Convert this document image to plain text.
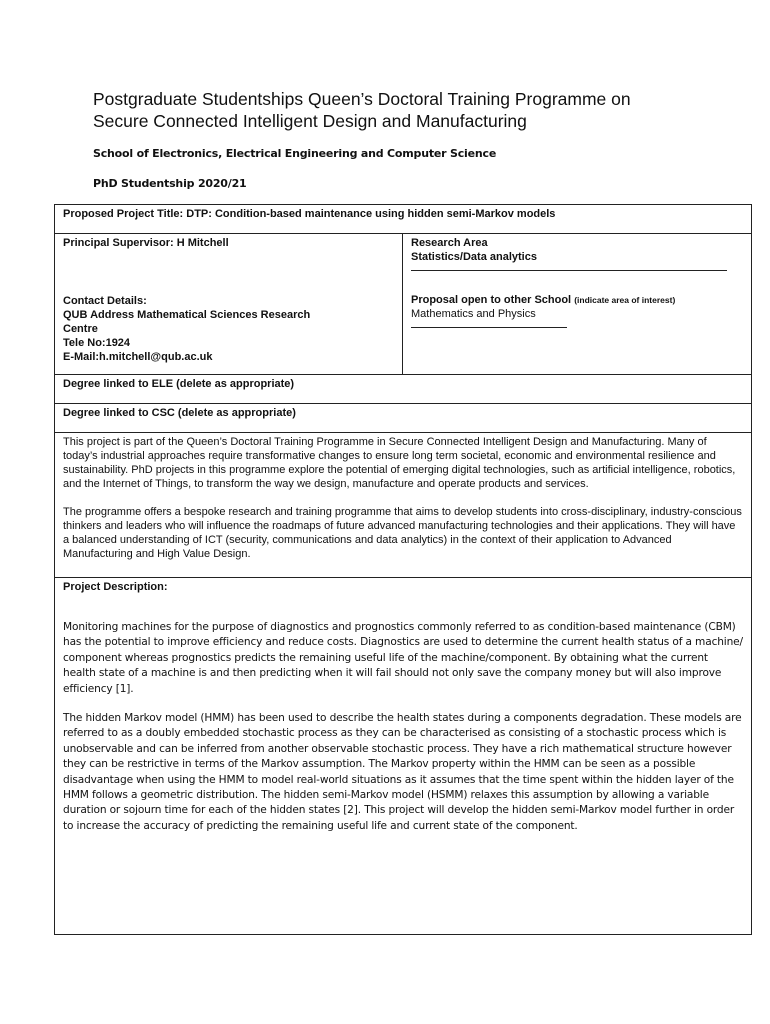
Postgraduate Studentships Queen’s Doctoral Training Programme on
Secure Connected Intelligent Design and Manufacturing
School of Electronics, Electrical Engineering and Computer Science
PhD Studentship 2020/21
Proposed Project Title: DTP: Condition-based maintenance using hidden semi-Markov models

Principal Supervisor: H Mitchell
Contact Details:
QUB Address Mathematical Sciences Research
Centre
Tele No:1924
E-Mail:h.mitchell@qub.ac.uk

Research Area
Statistics/Data analytics
Proposal open to other School (indicate area of interest)
Mathematics and Physics

Degree linked to ELE (delete as appropriate)
Degree linked to CSC (delete as appropriate)

This project is part of the Queen’s Doctoral Training Programme in Secure Connected Intelligent Design and Manufacturing. Many of today’s industrial approaches require transformative changes to ensure long term societal, economic and environmental resilience and sustainability. PhD projects in this programme explore the potential of emerging digital technologies, such as artificial intelligence, robotics, and the Internet of Things, to transform the way we design, manufacture and operate products and services.

The programme offers a bespoke research and training programme that aims to develop students into cross-disciplinary, industry-conscious thinkers and leaders who will influence the roadmaps of future advanced manufacturing technologies and their applications. They will have a balanced understanding of ICT (security, communications and data analytics) in the context of their application to Advanced Manufacturing and High Value Design.

Project Description:

Monitoring machines for the purpose of diagnostics and prognostics commonly referred to as condition-based maintenance (CBM) has the potential to improve efficiency and reduce costs. Diagnostics are used to determine the current health status of a machine/ component whereas prognostics predicts the remaining useful life of the machine/component. By obtaining what the current health state of a machine is and then predicting when it will fail should not only save the company money but will also improve efficiency [1].

The hidden Markov model (HMM) has been used to describe the health states during a components degradation. These models are referred to as a doubly embedded stochastic process as they can be characterised as consisting of a stochastic process which is unobservable and can be inferred from another observable stochastic process. They have a rich mathematical structure however they can be restrictive in terms of the Markov assumption. The Markov property within the HMM can be seen as a possible disadvantage when using the HMM to model real-world situations as it assumes that the time spent within the hidden layer of the HMM follows a geometric distribution. The hidden semi-Markov model (HSMM) relaxes this assumption by allowing a variable duration or sojourn time for each of the hidden states [2]. This project will develop the hidden semi-Markov model further in order to increase the accuracy of predicting the remaining useful life and current state of the component.
